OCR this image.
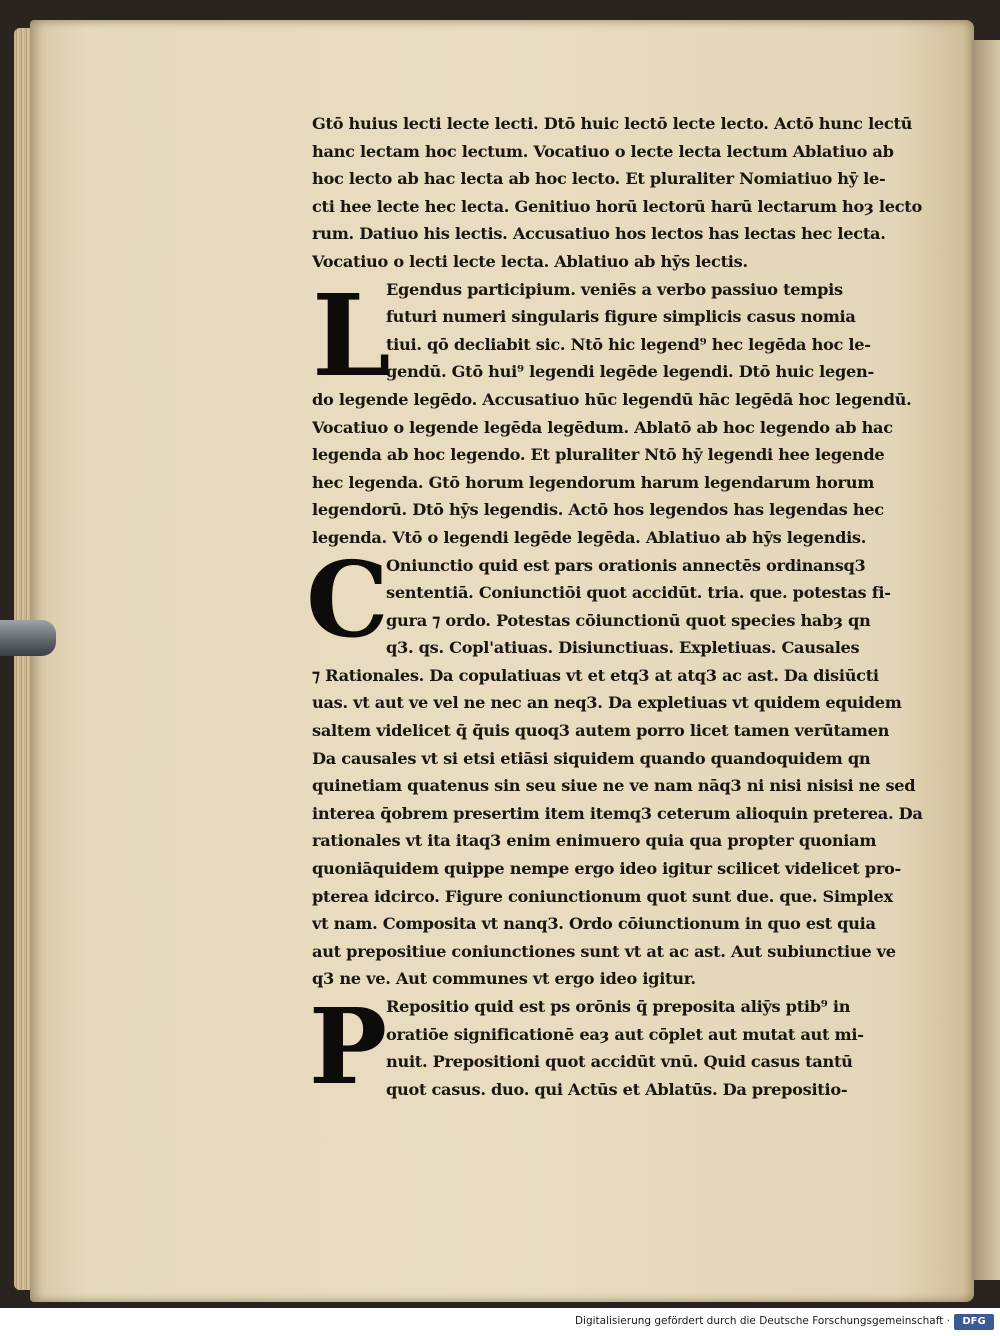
Gtō huius lecti lecte lecti. Dtō huic lectō lecte lecto. Actō hunc lectū
hanc lectam hoc lectum. Vocatiuo o lecte lecta lectum Ablatiuo ab
hoc lecto ab hac lecta ab hoc lecto. Et pluraliter Nomiatiuo hȳ le-
cti hee lecte hec lecta. Genitiuo horū lectorū harū lectarum hoȝ lecto
rum. Datiuo his lectis. Accusatiuo hos lectos has lectas hec lecta.
Vocatiuo o lecti lecte lecta. Ablatiuo ab hȳs lectis.
L
Egendus participium. veniēs a verbo passiuo tempis
futuri numeri singularis figure simplicis casus nomia
tiui. qō decliabit sic. Ntō hic legend⁹ hec legēda hoc le-
gendū. Gtō hui⁹ legendi legēde legendi. Dtō huic legen-
do legende legēdo. Accusatiuo hūc legendū hāc legēdā hoc legendū.
Vocatiuo o legende legēda legēdum. Ablatō ab hoc legendo ab hac
legenda ab hoc legendo. Et pluraliter Ntō hȳ legendi hee legende
hec legenda. Gtō horum legendorum harum legendarum horum
legendorū. Dtō hȳs legendis. Actō hos legendos has legendas hec
legenda. Vtō o legendi legēde legēda. Ablatiuo ab hȳs legendis.
C
Oniunctio quid est pars orationis annectēs ordinansq3
sententiā. Coniunctiōi quot accidūt. tria. que. potestas fi-
gura ⁊ ordo. Potestas cōiunctionū quot species habȝ qn
q3. qs. Copl'atiuas. Disiunctiuas. Expletiuas. Causales
⁊ Rationales. Da copulatiuas vt et etq3 at atq3 ac ast. Da disiūcti
uas. vt aut ve vel ne nec an neq3. Da expletiuas vt quidem equidem
saltem videlicet q̄ q̄uis quoq3 autem porro licet tamen verūtamen
Da causales vt si etsi etiāsi siquidem quando quandoquidem qn
quinetiam quatenus sin seu siue ne ve nam nāq3 ni nisi nisisi ne sed
interea q̄obrem presertim item itemq3 ceterum alioquin preterea. Da
rationales vt ita itaq3 enim enimuero quia qua propter quoniam
quoniāquidem quippe nempe ergo ideo igitur scilicet videlicet pro-
pterea idcirco. Figure coniunctionum quot sunt due. que. Simplex
vt nam. Composita vt nanq3. Ordo cōiunctionum in quo est quia
aut prepositiue coniunctiones sunt vt at ac ast. Aut subiunctiue ve
q3 ne ve. Aut communes vt ergo ideo igitur.
P
Repositio quid est ps orōnis q̄ preposita aliȳs ptib⁹ in
oratiōe significationē eaȝ aut cōplet aut mutat aut mi-
nuit. Prepositioni quot accidūt vnū. Quid casus tantū
quot casus. duo. qui Actūs et Ablatūs. Da prepositio-
Digitalisierung gefördert durch die Deutsche Forschungsgemeinschaft ·	DFG
